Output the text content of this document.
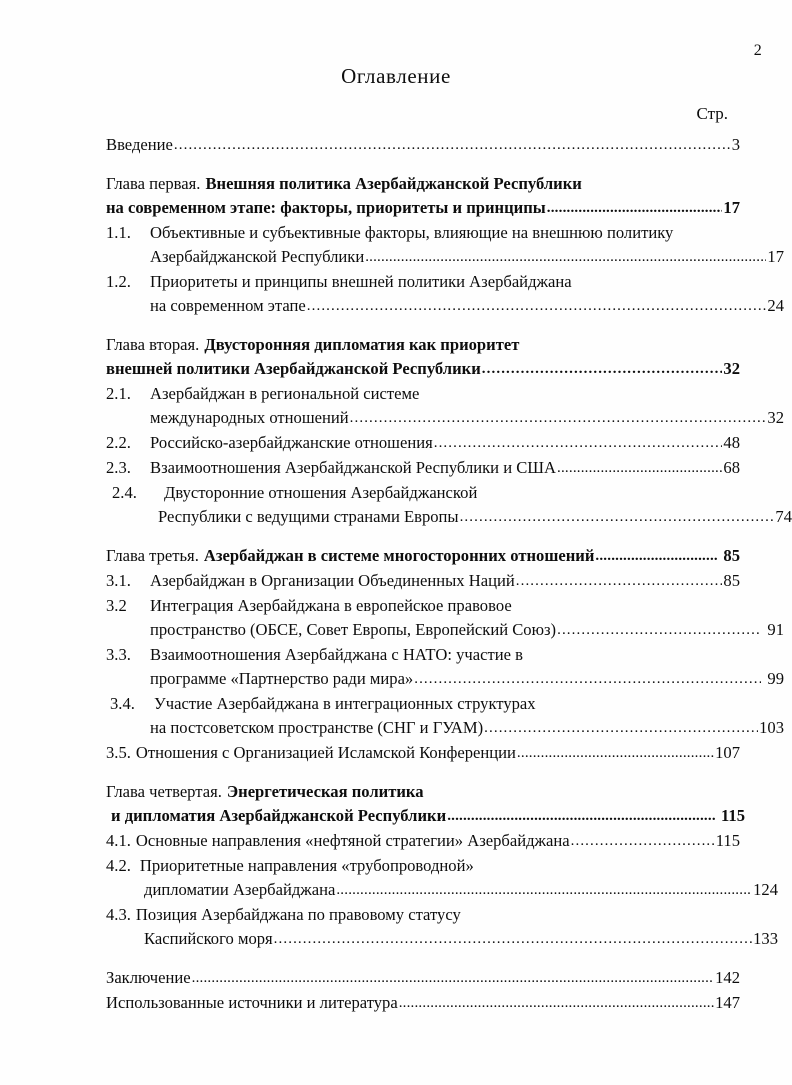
2
Оглавление
Стр.
Введение .....	3
Глава первая. Внешняя политика Азербайджанской Республики
на современном этапе: факторы, приоритеты и принципы .....	17
1.1.	Объективные и субъективные факторы, влияющие на внешнюю политику
Азербайджанской Республики .....	17
1.2.	Приоритеты и принципы внешней политики Азербайджана
на современном этапе .....	24
Глава вторая. Двусторонняя дипломатия как приоритет
внешней политики Азербайджанской Республики .....	32
2.1.	Азербайджан в региональной системе
международных отношений .....	32
2.2.	Российско-азербайджанские отношения .....	48
2.3.	Взаимоотношения Азербайджанской Республики и США .....	68
2.4.	Двусторонние отношения Азербайджанской
Республики с ведущими странами Европы .....	74
Глава третья. Азербайджан в системе многосторонних отношений .....	85
3.1.	Азербайджан в Организации Объединенных Наций .....	85
3.2	Интеграция Азербайджана в европейское правовое
пространство (ОБСЕ, Совет Европы, Европейский Союз) .....	91
3.3.	Взаимоотношения Азербайджана с НАТО: участие в
программе «Партнерство ради мира» .....	99
3.4.	Участие Азербайджана в интеграционных структурах
на постсоветском пространстве (СНГ и ГУАМ) .....	103
3.5. Отношения с Организацией Исламской Конференции .....	107
Глава четвертая. Энергетическая политика
и дипломатия Азербайджанской Республики .....	115
4.1. Основные направления «нефтяной стратегии» Азербайджана .....	115
4.2. Приоритетные направления «трубопроводной»
дипломатии Азербайджана .....	124
4.3. Позиция Азербайджана по правовому статусу
Каспийского моря .....	133
Заключение .....	142
Использованные источники и литература .....	147
